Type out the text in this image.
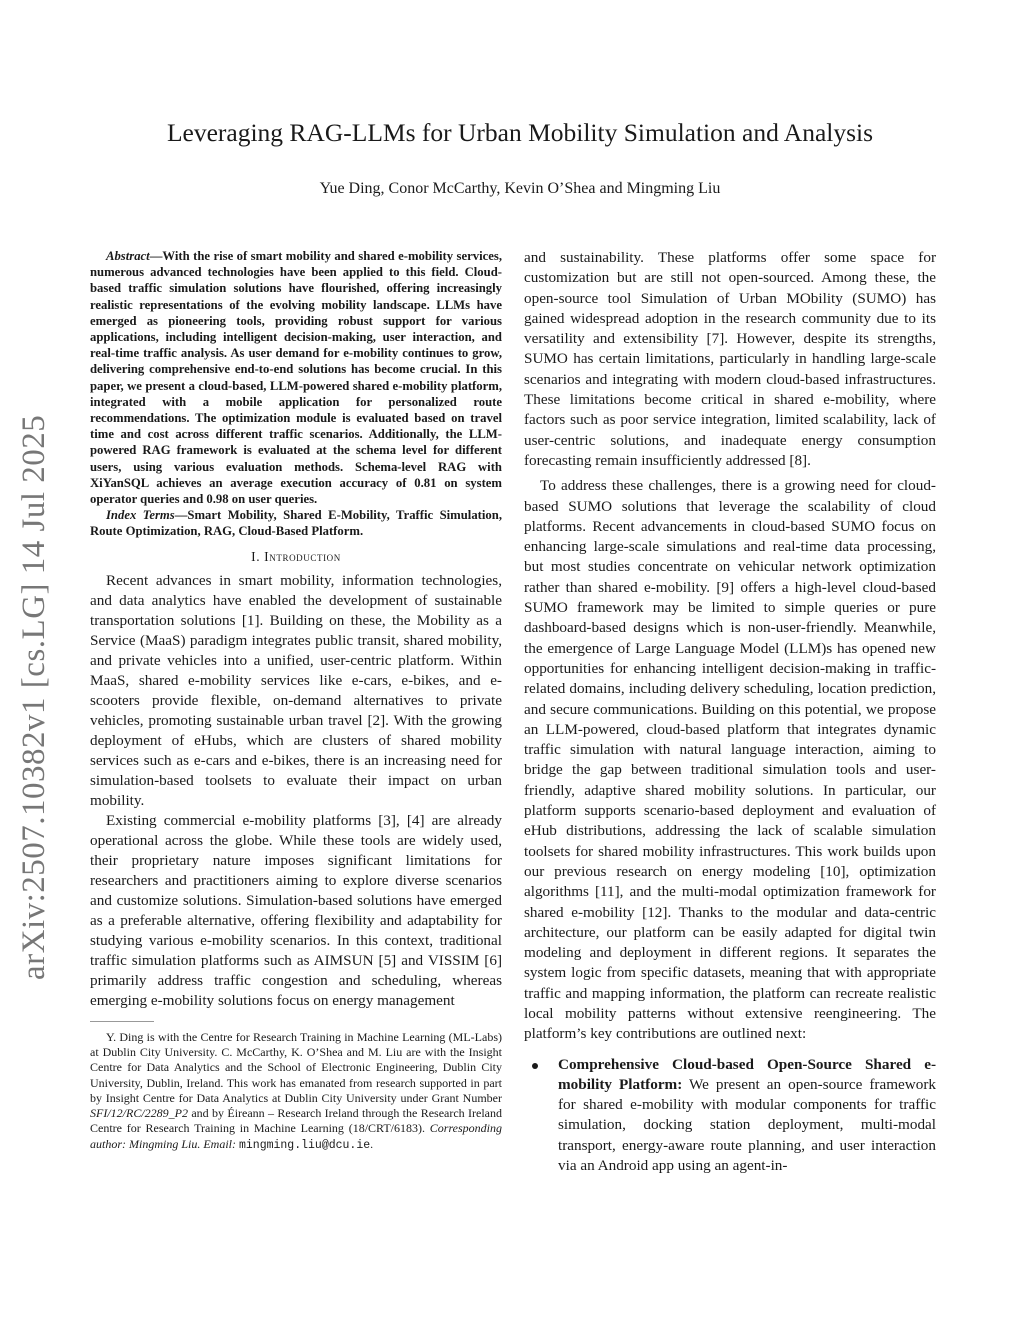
arXiv:2507.10382v1 [cs.LG] 14 Jul 2025
Leveraging RAG-LLMs for Urban Mobility Simulation and Analysis
Yue Ding, Conor McCarthy, Kevin O’Shea and Mingming Liu

Abstract—With the rise of smart mobility and shared e-mobility services, numerous advanced technologies have been applied to this field. Cloud-based traffic simulation solutions have flourished, offering increasingly realistic representations of the evolving mobility landscape. LLMs have emerged as pioneering tools, providing robust support for various applications, including intelligent decision-making, user interaction, and real-time traffic analysis. As user demand for e-mobility continues to grow, delivering comprehensive end-to-end solutions has become crucial. In this paper, we present a cloud-based, LLM-powered shared e-mobility platform, integrated with a mobile application for personalized route recommendations. The optimization module is evaluated based on travel time and cost across different traffic scenarios. Additionally, the LLM-powered RAG framework is evaluated at the schema level for different users, using various evaluation methods. Schema-level RAG with XiYanSQL achieves an average execution accuracy of 0.81 on system operator queries and 0.98 on user queries.

Index Terms—Smart Mobility, Shared E-Mobility, Traffic Simulation, Route Optimization, RAG, Cloud-Based Platform.

I. Introduction

Recent advances in smart mobility, information technologies, and data analytics have enabled the development of sustainable transportation solutions [1]. Building on these, the Mobility as a Service (MaaS) paradigm integrates public transit, shared mobility, and private vehicles into a unified, user-centric platform. Within MaaS, shared e-mobility services like e-cars, e-bikes, and e-scooters provide flexible, on-demand alternatives to private vehicles, promoting sustainable urban travel [2]. With the growing deployment of eHubs, which are clusters of shared mobility services such as e-cars and e-bikes, there is an increasing need for simulation-based toolsets to evaluate their impact on urban mobility.

Existing commercial e-mobility platforms [3], [4] are already operational across the globe. While these tools are widely used, their proprietary nature imposes significant limitations for researchers and practitioners aiming to explore diverse scenarios and customize solutions. Simulation-based solutions have emerged as a preferable alternative, offering flexibility and adaptability for studying various e-mobility scenarios. In this context, traditional traffic simulation platforms such as AIMSUN [5] and VISSIM [6] primarily address traffic congestion and scheduling, whereas emerging e-mobility solutions focus on energy management

Y. Ding is with the Centre for Research Training in Machine Learning (ML-Labs) at Dublin City University. C. McCarthy, K. O’Shea and M. Liu are with the Insight Centre for Data Analytics and the School of Electronic Engineering, Dublin City University, Dublin, Ireland. This work has emanated from research supported in part by Insight Centre for Data Analytics at Dublin City University under Grant Number SFI/12/RC/2289_P2 and by Éireann – Research Ireland through the Research Ireland Centre for Research Training in Machine Learning (18/CRT/6183). Corresponding author: Mingming Liu. Email: mingming.liu@dcu.ie.

and sustainability. These platforms offer some space for customization but are still not open-sourced. Among these, the open-source tool Simulation of Urban MObility (SUMO) has gained widespread adoption in the research community due to its versatility and extensibility [7]. However, despite its strengths, SUMO has certain limitations, particularly in handling large-scale scenarios and integrating with modern cloud-based infrastructures. These limitations become critical in shared e-mobility, where factors such as poor service integration, limited scalability, lack of user-centric solutions, and inadequate energy consumption forecasting remain insufficiently addressed [8].

To address these challenges, there is a growing need for cloud-based SUMO solutions that leverage the scalability of cloud platforms. Recent advancements in cloud-based SUMO focus on enhancing large-scale simulations and real-time data processing, but most studies concentrate on vehicular network optimization rather than shared e-mobility. [9] offers a high-level cloud-based SUMO framework may be limited to simple queries or pure dashboard-based designs which is non-user-friendly. Meanwhile, the emergence of Large Language Model (LLM)s has opened new opportunities for enhancing intelligent decision-making in traffic-related domains, including delivery scheduling, location prediction, and secure communications. Building on this potential, we propose an LLM-powered, cloud-based platform that integrates dynamic traffic simulation with natural language interaction, aiming to bridge the gap between traditional simulation tools and user-friendly, adaptive shared mobility solutions. In particular, our platform supports scenario-based deployment and evaluation of eHub distributions, addressing the lack of scalable simulation toolsets for shared mobility infrastructures. This work builds upon our previous research on energy modeling [10], optimization algorithms [11], and the multi-modal optimization framework for shared e-mobility [12]. Thanks to the modular and data-centric architecture, our platform can be easily adapted for digital twin modeling and deployment in different regions. It separates the system logic from specific datasets, meaning that with appropriate traffic and mapping information, the platform can recreate realistic local mobility patterns without extensive reengineering. The platform’s key contributions are outlined next:

Comprehensive Cloud-based Open-Source Shared e-mobility Platform: We present an open-source framework for shared e-mobility with modular components for traffic simulation, docking station deployment, multi-modal transport, energy-aware route planning, and user interaction via an Android app using an agent-in-
